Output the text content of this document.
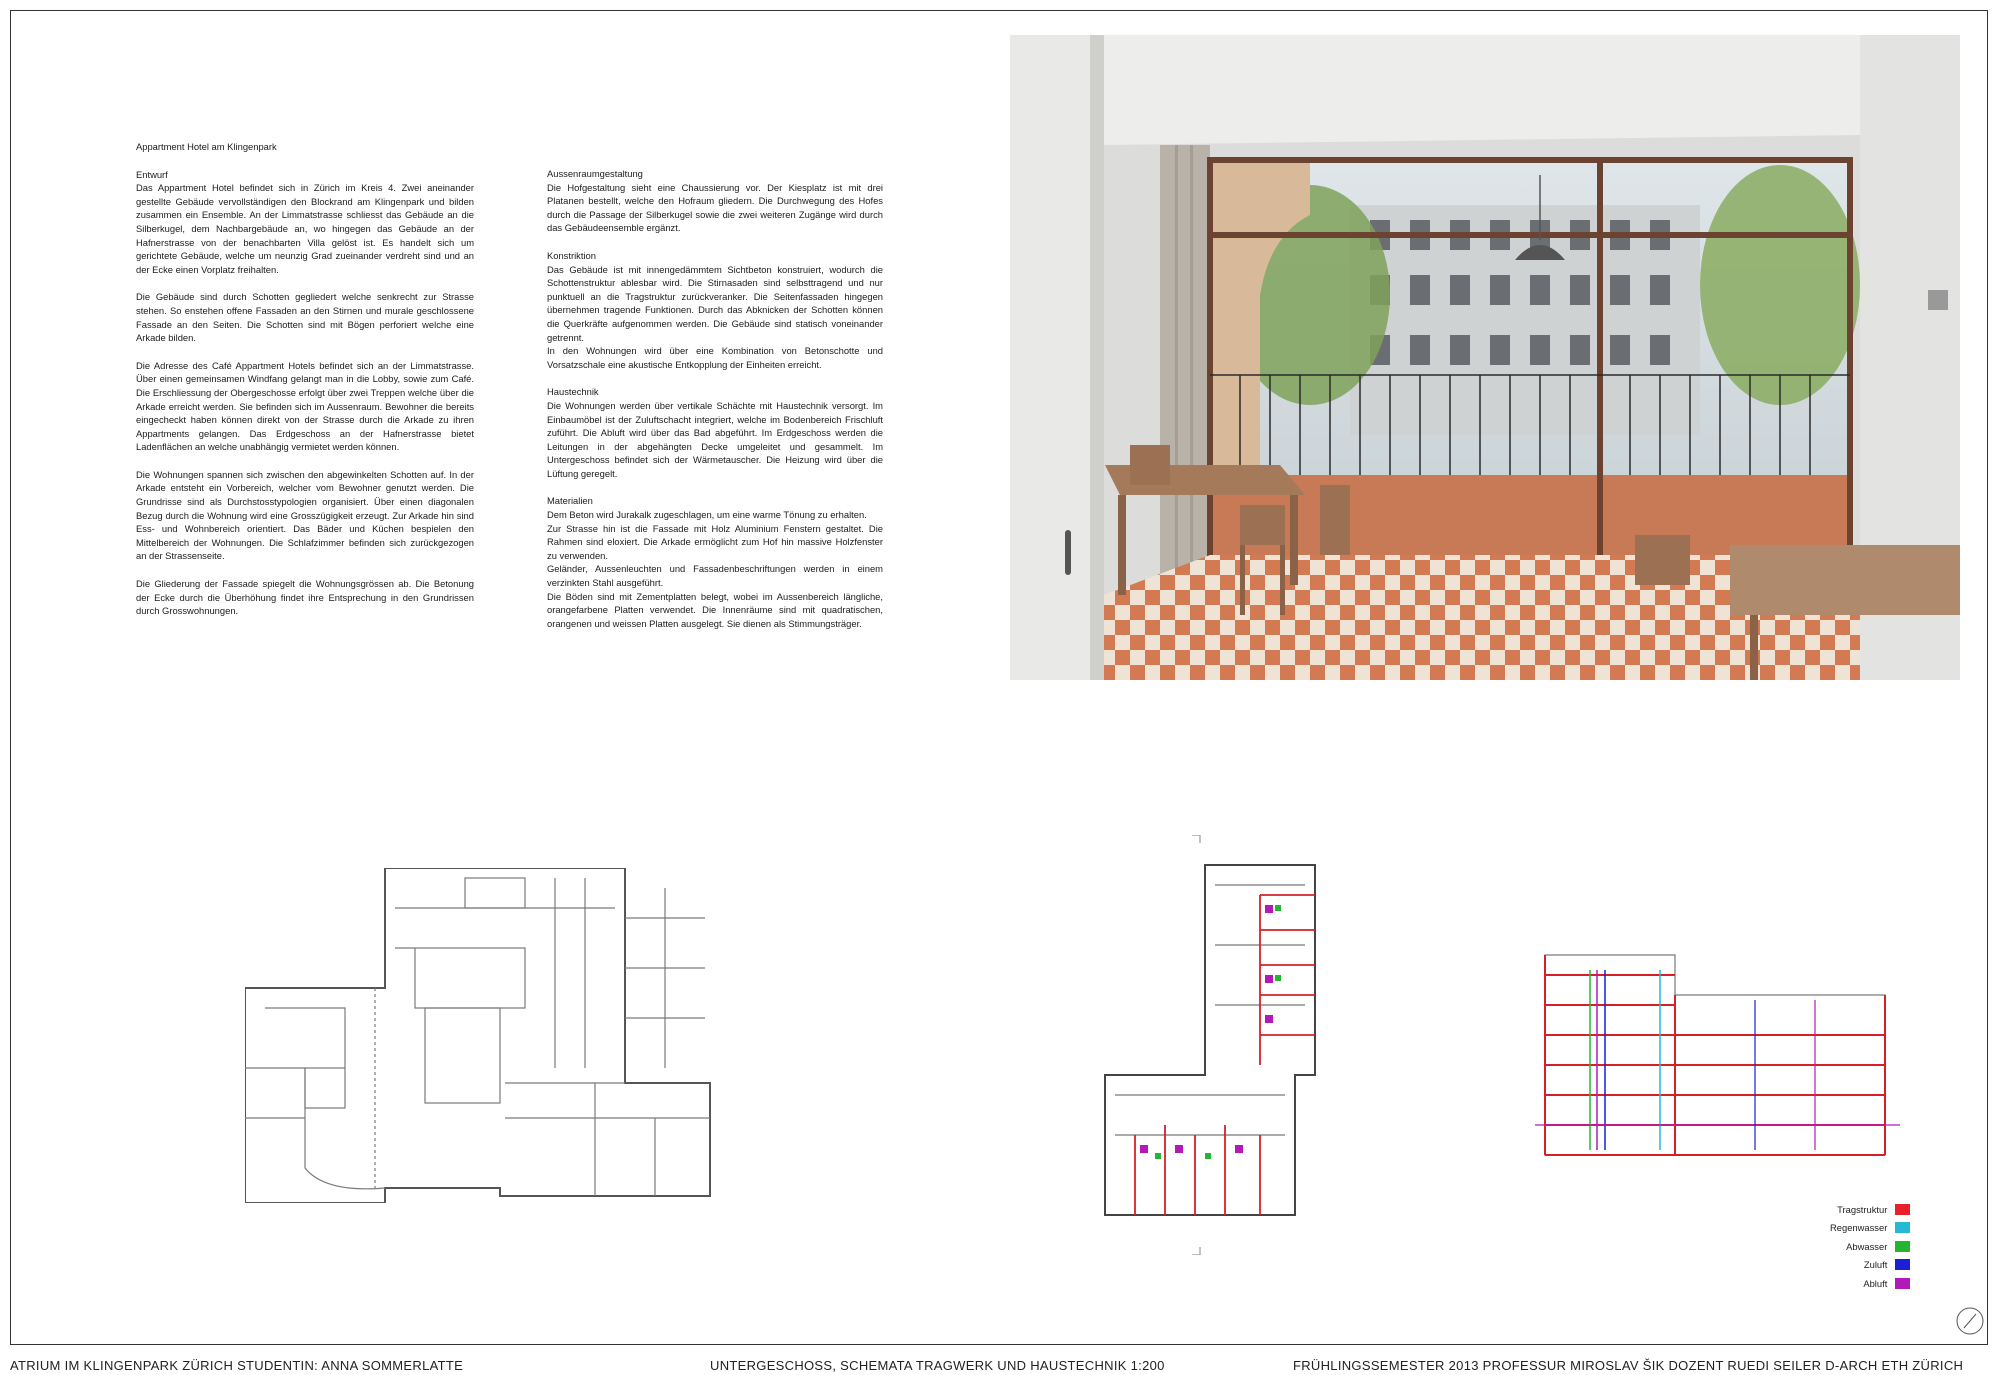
Appartment Hotel am Klingenpark

Entwurf
Das Appartment Hotel befindet sich in Zürich im Kreis 4. Zwei aneinander gestellte Gebäude vervollständigen den Blockrand am Klingenpark und bilden zusammen ein Ensemble. An der Limmatstrasse schliesst das Gebäude an die Silberkugel, dem Nachbargebäude an, wo hingegen das Gebäude an der Hafnerstrasse von der benachbarten Villa gelöst ist. Es handelt sich um gerichtete Gebäude, welche um neunzig Grad zueinander verdreht sind und an der Ecke einen Vorplatz freihalten.

Die Gebäude sind durch Schotten gegliedert welche senkrecht zur Strasse stehen. So enstehen offene Fassaden an den Stirnen und murale geschlossene Fassade an den Seiten. Die Schotten sind mit Bögen perforiert welche eine Arkade bilden.

Die Adresse des Café Appartment Hotels befindet sich an der Limmatstrasse. Über einen gemeinsamen Windfang gelangt man in die Lobby, sowie zum Café. Die Erschliessung der Obergeschosse erfolgt über zwei Treppen welche über die Arkade erreicht werden. Sie befinden sich im Aussenraum. Bewohner die bereits eingecheckt haben können direkt von der Strasse durch die Arkade zu ihren Appartments gelangen. Das Erdgeschoss an der Hafnerstrasse bietet Ladenflächen an welche unabhängig vermietet werden können.

Die Wohnungen spannen sich zwischen den abgewinkelten Schotten auf. In der Arkade entsteht ein Vorbereich, welcher vom Bewohner genutzt werden. Die Grundrisse sind als Durchstosstypologien organisiert. Über einen diagonalen Bezug durch die Wohnung wird eine Grosszügigkeit erzeugt. Zur Arkade hin sind Ess- und Wohnbereich orientiert. Das Bäder und Küchen bespielen den Mittelbereich der Wohnungen. Die Schlafzimmer befinden sich zurückgezogen an der Strassenseite.

Die Gliederung der Fassade spiegelt die Wohnungsgrössen ab. Die Betonung der Ecke durch die Überhöhung findet ihre Entsprechung in den Grundrissen durch Grosswohnungen.

Aussenraumgestaltung
Die Hofgestaltung sieht eine Chaussierung vor. Der Kiesplatz ist mit drei Platanen bestellt, welche den Hofraum gliedern. Die Durchwegung des Hofes durch die Passage der Silberkugel sowie die zwei weiteren Zugänge wird durch das Gebäudeensemble ergänzt.

Konstriktion
Das Gebäude ist mit innengedämmtem Sichtbeton konstruiert, wodurch die Schottenstruktur ablesbar wird. Die Stirnasaden sind selbsttragend und nur punktuell an die Tragstruktur zurückveranker. Die Seitenfassaden hingegen übernehmen tragende Funktionen. Durch das Abknicken der Schotten können die Querkräfte aufgenommen werden. Die Gebäude sind statisch voneinander getrennt.
In den Wohnungen wird über eine Kombination von Betonschotte und Vorsatzschale eine akustische Entkopplung der Einheiten erreicht.

Haustechnik
Die Wohnungen werden über vertikale Schächte mit Haustechnik versorgt. Im Einbaumöbel ist der Zuluftschacht integriert, welche im Bodenbereich Frischluft zuführt. Die Abluft wird über das Bad abgeführt. Im Erdgeschoss werden die Leitungen in der abgehängten Decke umgeleitet und gesammelt. Im Untergeschoss befindet sich der Wärmetauscher. Die Heizung wird über die Lüftung geregelt.

Materialien
Dem Beton wird Jurakalk zugeschlagen, um eine warme Tönung zu erhalten.
Zur Strasse hin ist die Fassade mit Holz Aluminium Fenstern gestaltet. Die Rahmen sind eloxiert. Die Arkade ermöglicht zum Hof hin massive Holzfenster zu verwenden.
Geländer, Aussenleuchten und Fassadenbeschriftungen werden in einem verzinkten Stahl ausgeführt.
Die Böden sind mit Zementplatten belegt, wobei im Aussenbereich längliche, orangefarbene Platten verwendet. Die Innenräume sind mit quadratischen, orangenen und weissen Platten ausgelegt. Sie dienen als Stimmungsträger.

Tragstruktur
Regenwasser
Abwasser
Zuluft
Abluft
ATRIUM IM KLINGENPARK ZÜRICH STUDENTIN: ANNA SOMMERLATTE	UNTERGESCHOSS, SCHEMATA TRAGWERK UND HAUSTECHNIK 1:200	FRÜHLINGSSEMESTER 2013 PROFESSUR MIROSLAV ŠIK DOZENT RUEDI SEILER D-ARCH ETH ZÜRICH
